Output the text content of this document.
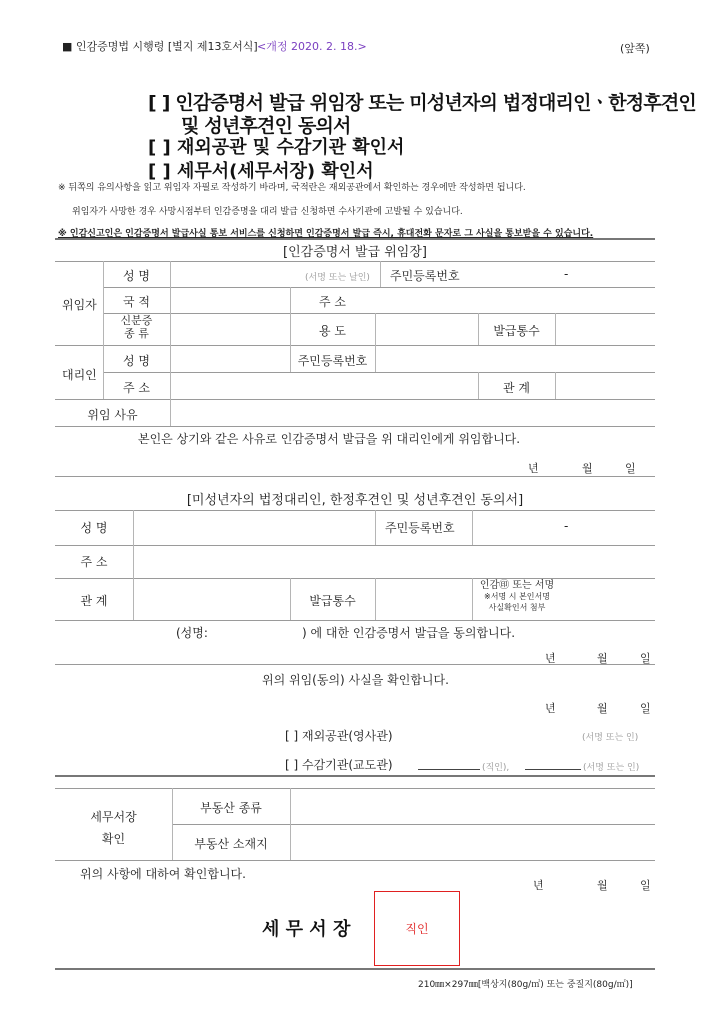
■ 인감증명법 시행령 [별지 제13호서식] <개정 2020. 2. 18.>	(앞쪽)
[ ] 인감증명서 발급 위임장 또는 미성년자의 법정대리인ㆍ한정후견인
및 성년후견인 동의서
[ ] 재외공관 및 수감기관 확인서
[ ] 세무서(세무서장) 확인서
※ 뒤쪽의 유의사항을 읽고 위임자 자필로 작성하기 바라며, 국적란은 재외공관에서 확인하는 경우에만 작성하면 됩니다.
위임자가 사망한 경우 사망시점부터 인감증명을 대리 발급 신청하면 수사기관에 고발될 수 있습니다.
※ 인감신고인은 인감증명서 발급사실 통보 서비스를 신청하면 인감증명서 발급 즉시, 휴대전화 문자로 그 사실을 통보받을 수 있습니다.
[인감증명서 발급 위임장]
위임자
성 명	(서명 또는 날인) 주민등록번호	-
국 적	주 소
신분증
종 류	용 도	발급통수
대리인
성 명	주민등록번호
주 소	관 계
위임 사유
본인은 상기와 같은 사유로 인감증명서 발급을 위 대리인에게 위임합니다.
년	월	일
[미성년자의 법정대리인, 한정후견인 및 성년후견인 동의서]
성 명	주민등록번호	-
주 소
관 계	발급통수
인감㊞ 또는 서명
※서명 시 본인서명
사실확인서 첨부
(성명:	) 에 대한 인감증명서 발급을 동의합니다.
년	월	일
위의 위임(동의) 사실을 확인합니다.
년	월	일
[ ] 재외공관(영사관)	(서명 또는 인)
[ ] 수감기관(교도관)	(직인),	(서명 또는 인)
세무서장
확인
부동산 종류
부동산 소재지
위의 사항에 대하여 확인합니다.
년	월	일
세 무 서 장	직인
210㎜×297㎜[백상지(80g/㎡) 또는 중질지(80g/㎡)]
